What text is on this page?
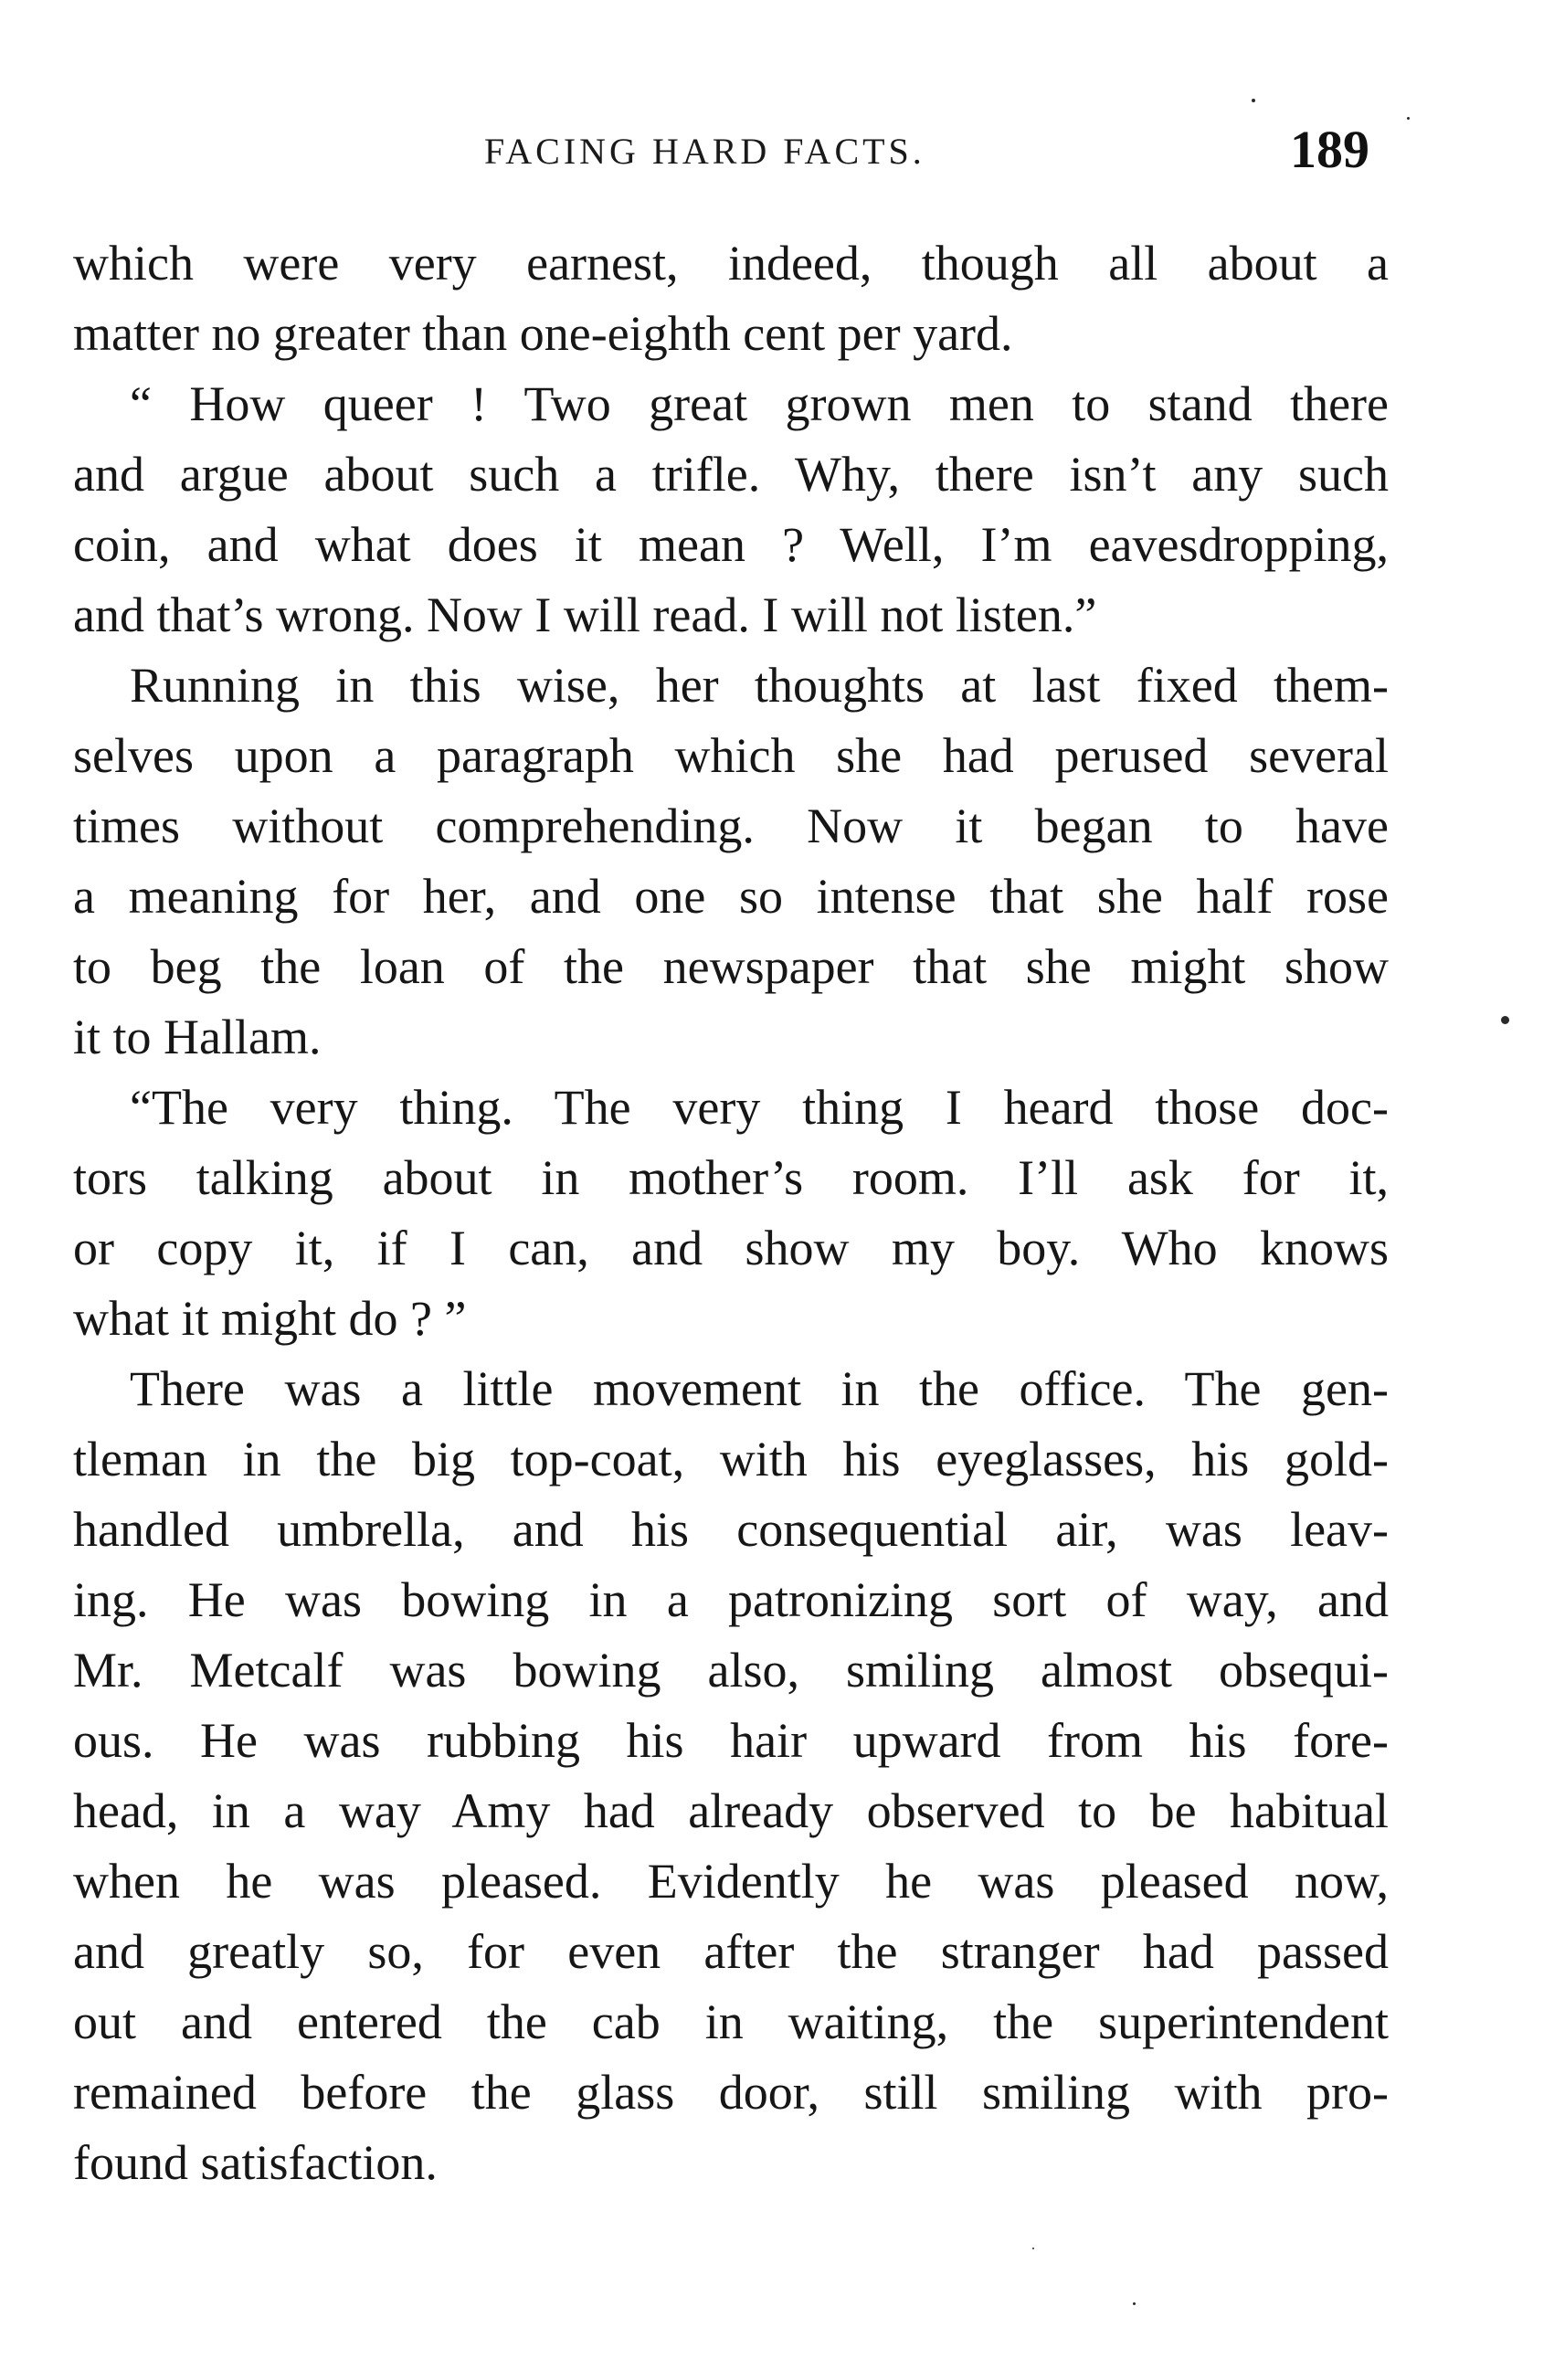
FACING HARD FACTS.	189
which were very earnest, indeed, though all about a
matter no greater than one-eighth cent per yard.
“ How queer ! Two great grown men to stand there
and argue about such a trifle. Why, there isn’t any such
coin, and what does it mean ? Well, I’m eavesdropping,
and that’s wrong. Now I will read. I will not listen.”
Running in this wise, her thoughts at last fixed them-
selves upon a paragraph which she had perused several
times without comprehending. Now it began to have
a meaning for her, and one so intense that she half rose
to beg the loan of the newspaper that she might show
it to Hallam.
“The very thing. The very thing I heard those doc-
tors talking about in mother’s room. I’ll ask for it,
or copy it, if I can, and show my boy. Who knows
what it might do ? ”
There was a little movement in the office. The gen-
tleman in the big top-coat, with his eyeglasses, his gold-
handled umbrella, and his consequential air, was leav-
ing. He was bowing in a patronizing sort of way, and
Mr. Metcalf was bowing also, smiling almost obsequi-
ous. He was rubbing his hair upward from his fore-
head, in a way Amy had already observed to be habitual
when he was pleased. Evidently he was pleased now,
and greatly so, for even after the stranger had passed
out and entered the cab in waiting, the superintendent
remained before the glass door, still smiling with pro-
found satisfaction.
